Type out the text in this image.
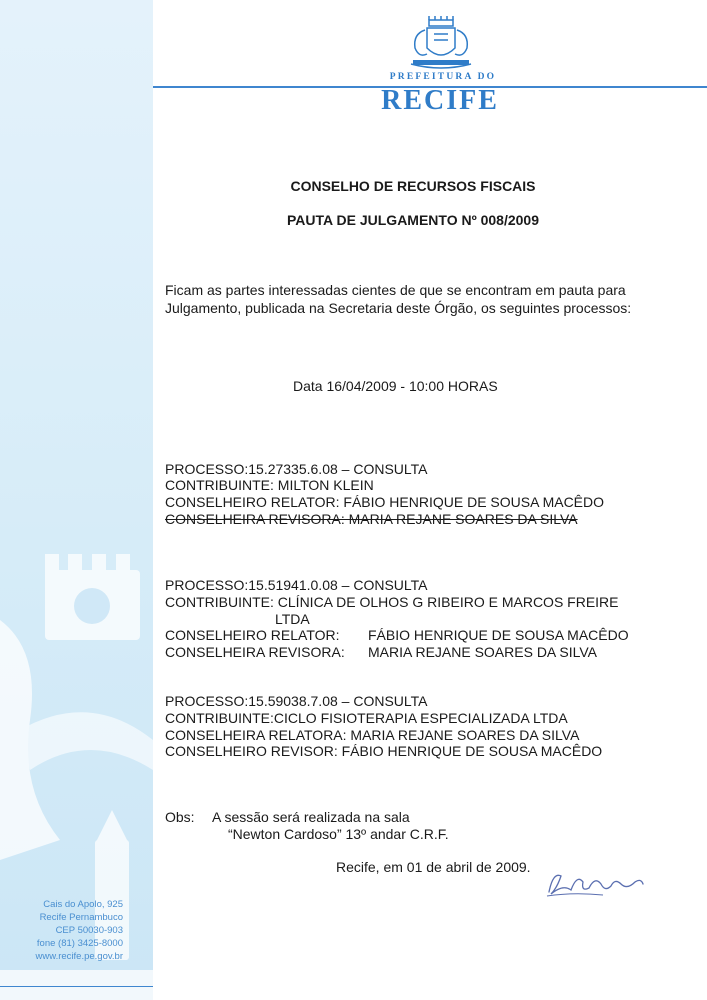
Cais do Apolo, 925
Recife Pernambuco
CEP 50030-903
fone (81) 3425-8000
www.recife.pe.gov.br
PREFEITURA DO
RECIFE
CONSELHO DE RECURSOS FISCAIS
PAUTA DE JULGAMENTO Nº 008/2009
Ficam as partes interessadas cientes de que se encontram em pauta para
Julgamento, publicada na Secretaria deste Órgão, os seguintes processos:
Data 16/04/2009 - 10:00 HORAS
PROCESSO:15.27335.6.08 – CONSULTA
CONTRIBUINTE: MILTON KLEIN
CONSELHEIRO RELATOR: FÁBIO HENRIQUE DE SOUSA MACÊDO
CONSELHEIRA REVISORA: MARIA REJANE SOARES DA SILVA
PROCESSO:15.51941.0.08 – CONSULTA
CONTRIBUINTE: CLÍNICA DE OLHOS G RIBEIRO E MARCOS FREIRE
LTDA
CONSELHEIRO RELATOR: FÁBIO HENRIQUE DE SOUSA MACÊDO
CONSELHEIRA REVISORA: MARIA REJANE SOARES DA SILVA
PROCESSO:15.59038.7.08 – CONSULTA
CONTRIBUINTE:CICLO FISIOTERAPIA ESPECIALIZADA LTDA
CONSELHEIRA RELATORA: MARIA REJANE SOARES DA SILVA
CONSELHEIRO REVISOR: FÁBIO HENRIQUE DE SOUSA MACÊDO
Obs: A sessão será realizada na sala
“Newton Cardoso” 13º andar C.R.F.
Recife, em 01 de abril de 2009.
